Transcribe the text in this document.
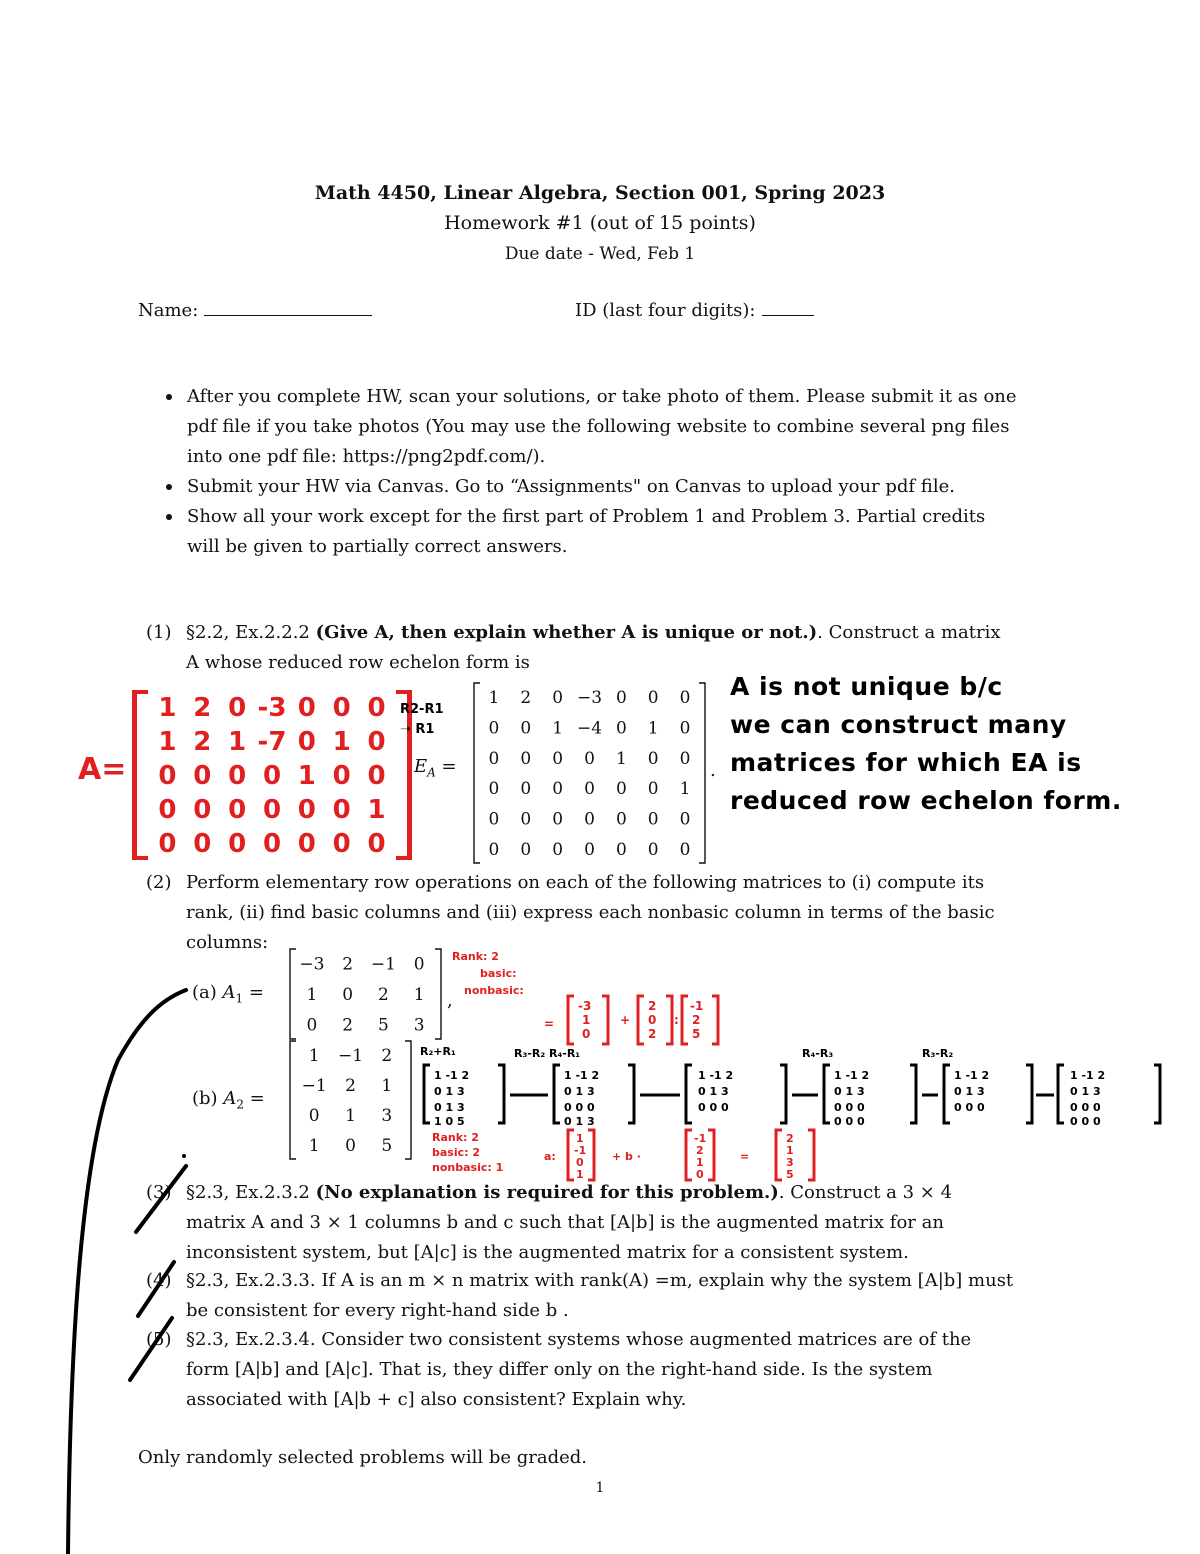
Math 4450, Linear Algebra, Section 001, Spring 2023
Homework #1 (out of 15 points)
Due date - Wed, Feb 1
Name:	ID (last four digits):
After you complete HW, scan your solutions, or take photo of them. Please submit it as one pdf file if you take photos (You may use the following website to combine several png files into one pdf file: https://png2pdf.com/).
Submit your HW via Canvas. Go to “Assignments" on Canvas to upload your pdf file.
Show all your work except for the first part of Problem 1 and Problem 3. Partial credits will be given to partially correct answers.
(1) §2.2, Ex.2.2.2 (Give A, then explain whether A is unique or not.). Construct a matrix A whose reduced row echelon form is
$E_A$ =
1 2 0 −3 0 0 0
0 0 1 −4 0 1 0
0 0 0 0 1 0 0
0 0 0 0 0 0 1
0 0 0 0 0 0 0
0 0 0 0 0 0 0
.
(2) Perform elementary row operations on each of the following matrices to (i) compute its rank, (ii) find basic columns and (iii) express each nonbasic column in terms of the basic columns:
(a) $A_1$ =
−3 2 −1 0
1 0 2 1
0 2 5 3
,
(b) $A_2$ =
1 −1 2
−1 2 1
0 1 3
1 0 5
(3) §2.3, Ex.2.3.2 (No explanation is required for this problem.). Construct a 3 × 4 matrix A and 3 × 1 columns b and c such that [A|b] is the augmented matrix for an inconsistent system, but [A|c] is the augmented matrix for a consistent system.
(4) §2.3, Ex.2.3.3. If A is an m × n matrix with rank(A) =m, explain why the system [A|b] must be consistent for every right-hand side b .
(5) §2.3, Ex.2.3.4. Consider two consistent systems whose augmented matrices are of the form [A|b] and [A|c]. That is, they differ only on the right-hand side. Is the system associated with [A|b + c] also consistent? Explain why.
Only randomly selected problems will be graded.
1
A=
1 2 0 -3 0 0 0
1 2 1 -7 0 1 0
0 0 0 0 1 0 0
0 0 0 0 0 0 1
0 0 0 0 0 0 0
R2-R1
➝ R1
A is not unique b/c
we can construct many
matrices for which EA is
reduced row echelon form.
Rank: 2
basic:
nonbasic:
=
-3
1
0
+
2
0
2
:
-1
2
5
R₂+R₁	R₃-R₂ R₄-R₁	R₄-R₃	R₃-R₂
1 -1 2
0 1 3
0 1 3
1 0 5
1 -1 2
0 1 3
0 0 0
0 1 3
1 -1 2
0 1 3
0 0 0
1 -1 2
0 1 3
0 0 0
0 0 0
1 -1 2
0 1 3
0 0 0
1 -1 2
0 1 3
0 0 0
0 0 0
Rank: 2
basic: 2
nonbasic: 1
a:
1
-1
0
1
+ b ·
-1
2
1
0
=
2
1
3
5
